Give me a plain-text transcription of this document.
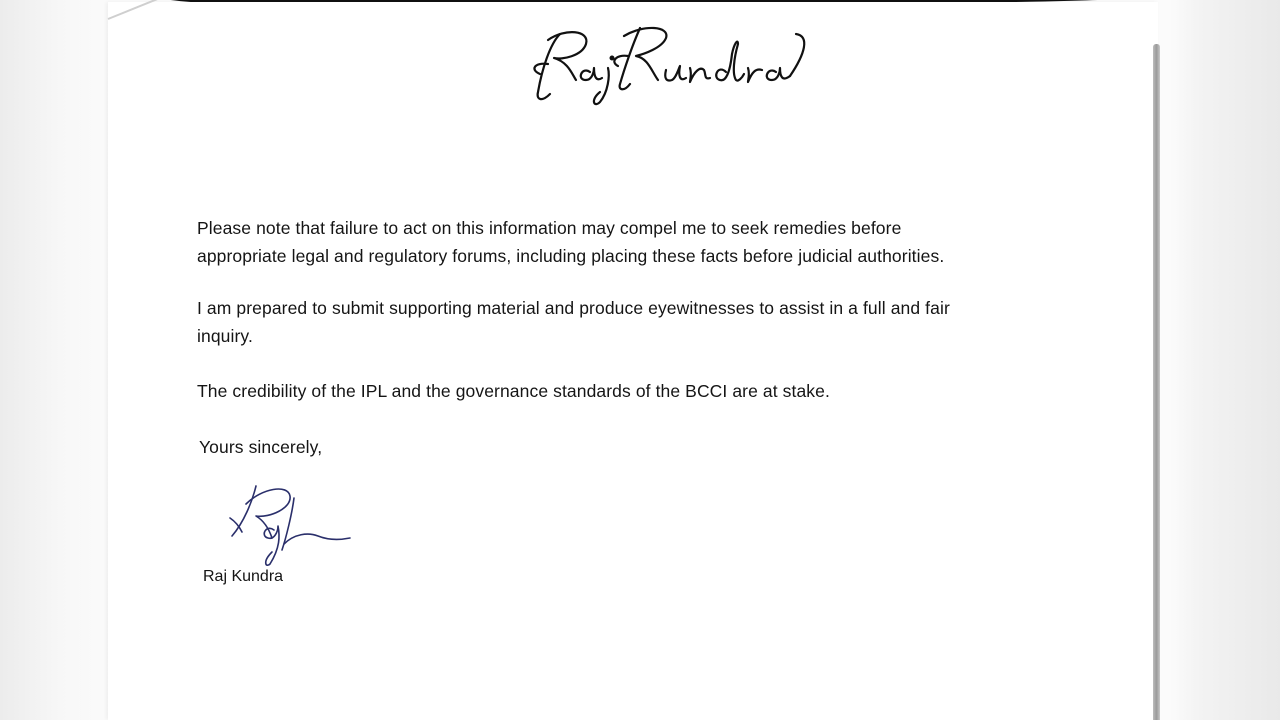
Please note that failure to act on this information may compel me to seek remedies before
appropriate legal and regulatory forums, including placing these facts before judicial authorities.
I am prepared to submit supporting material and produce eyewitnesses to assist in a full and fair
inquiry.
The credibility of the IPL and the governance standards of the BCCI are at stake.
Yours sincerely,
Raj Kundra
